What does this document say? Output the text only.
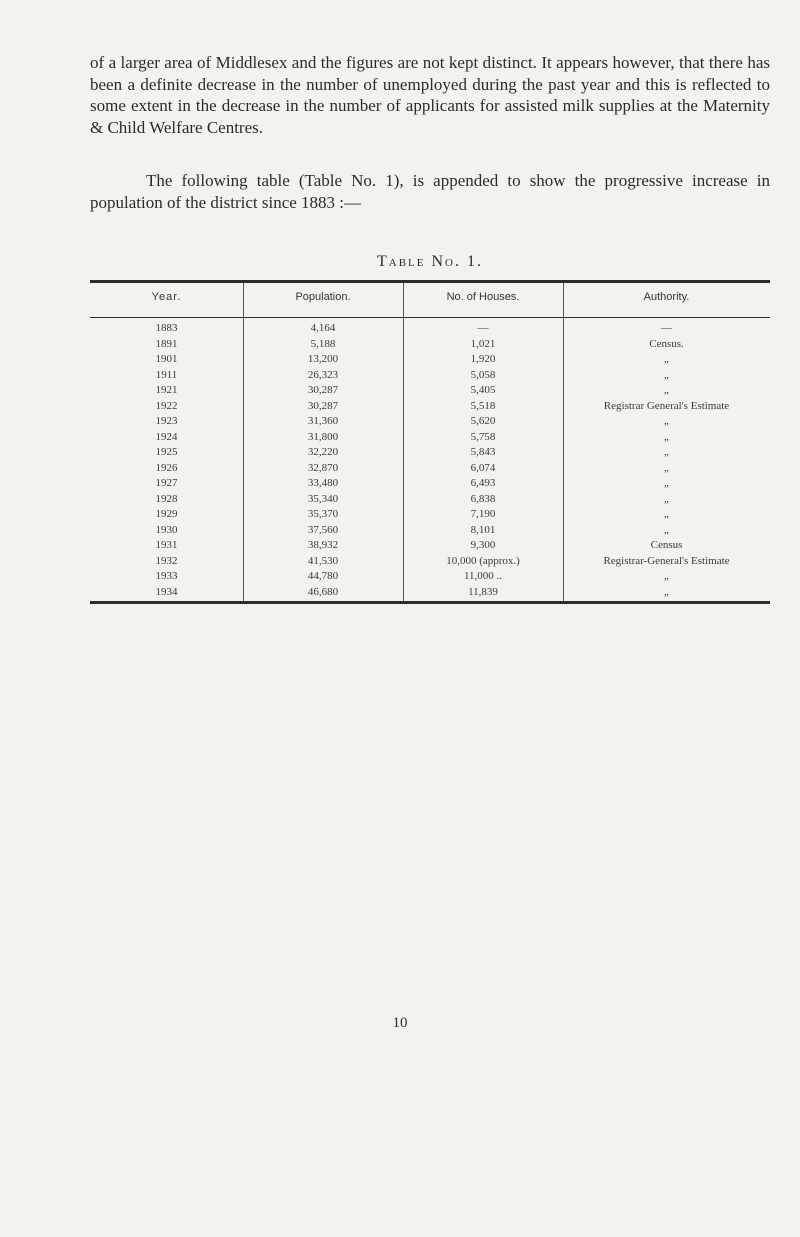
of a larger area of Middlesex and the figures are not kept distinct. It appears however, that there has been a definite decrease in the number of unemployed during the past year and this is reflected to some extent in the decrease in the number of applicants for assisted milk supplies at the Maternity & Child Welfare Centres.

The following table (Table No. 1), is appended to show the progressive increase in population of the district since 1883 :—

Table No. 1.
Year.	Population.	No. of Houses.	Authority.
1883	4,164	—	—
1891	5,188	1,021	Census.
1901	13,200	1,920	„
1911	26,323	5,058	„
1921	30,287	5,405	„
1922	30,287	5,518	Registrar General's Estimate
1923	31,360	5,620	„
1924	31,800	5,758	„
1925	32,220	5,843	„
1926	32,870	6,074	„
1927	33,480	6,493	„
1928	35,340	6,838	„
1929	35,370	7,190	„
1930	37,560	8,101	„
1931	38,932	9,300	Census
1932	41,530	10,000 (approx.)	Registrar-General's Estimate
1933	44,780	11,000 ..	„
1934	46,680	11,839	„
10
